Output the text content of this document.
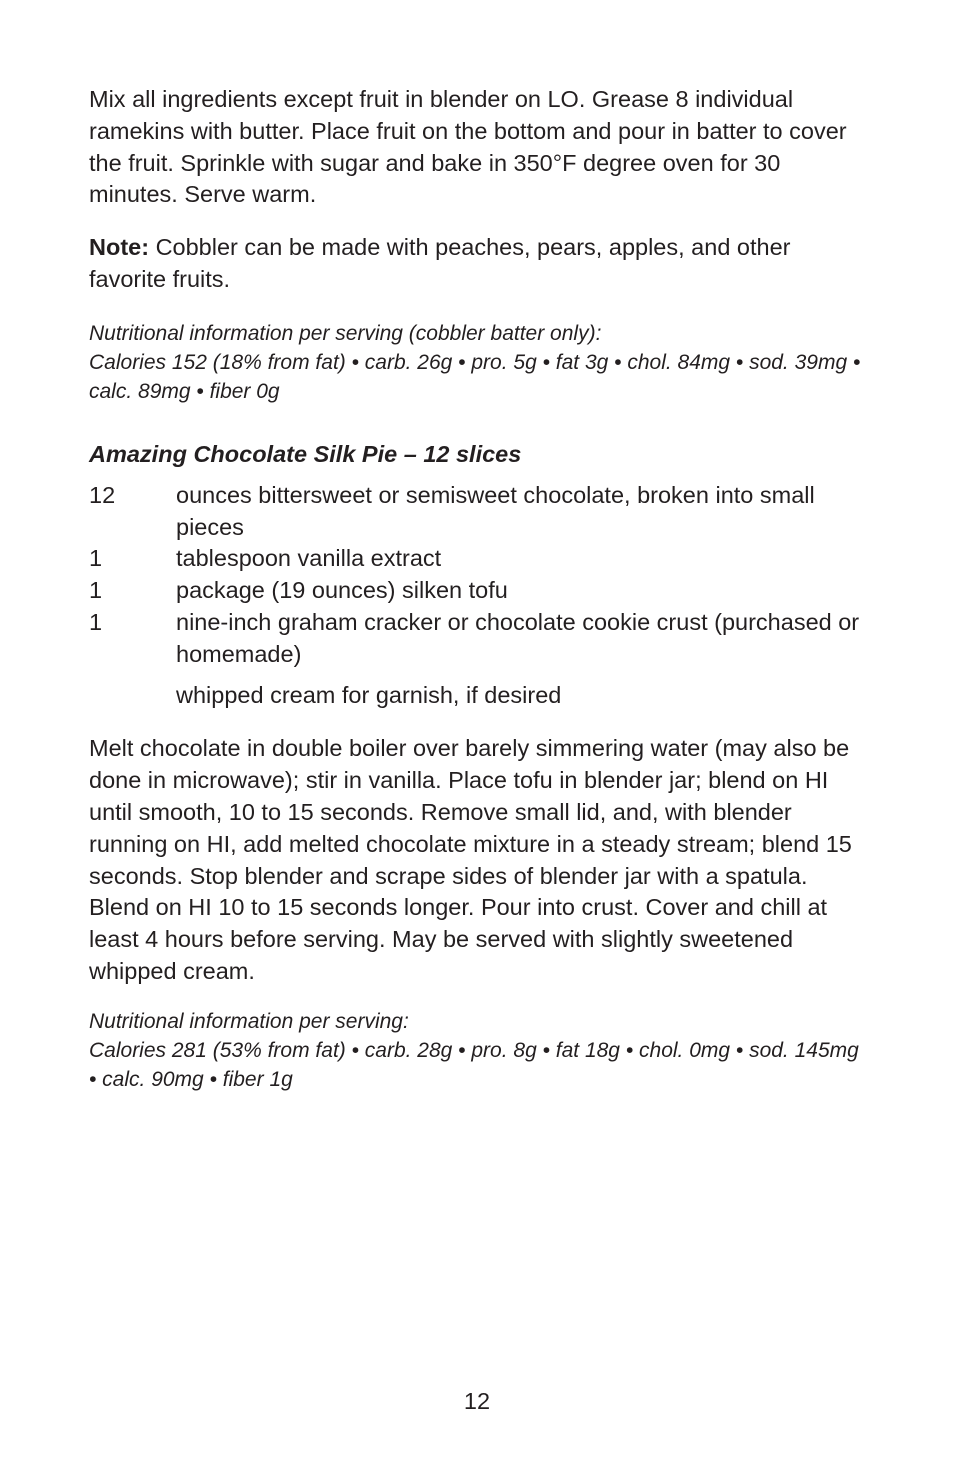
Mix all ingredients except fruit in blender on LO. Grease 8 individual ramekins with butter. Place fruit on the bottom and pour in batter to cover the fruit. Sprinkle with sugar and bake in 350°F degree oven for 30 minutes. Serve warm.

Note: Cobbler can be made with peaches, pears, apples, and other favorite fruits.

Nutritional information per serving (cobbler batter only):
Calories 152 (18% from fat) • carb. 26g • pro. 5g • fat 3g • chol. 84mg • sod. 39mg • calc. 89mg • fiber 0g

Amazing Chocolate Silk Pie – 12 slices
12	ounces bittersweet or semisweet chocolate, broken into small pieces
1	tablespoon vanilla extract
1	package (19 ounces) silken tofu
1	nine-inch graham cracker or chocolate cookie crust (purchased or homemade)
whipped cream for garnish, if desired

Melt chocolate in double boiler over barely simmering water (may also be done in microwave); stir in vanilla. Place tofu in blender jar; blend on HI until smooth, 10 to 15 seconds. Remove small lid, and, with blender running on HI, add melted chocolate mixture in a steady stream; blend 15 seconds. Stop blender and scrape sides of blender jar with a spatula. Blend on HI 10 to 15 seconds longer. Pour into crust. Cover and chill at least 4 hours before serving. May be served with slightly sweetened whipped cream.

Nutritional information per serving:
Calories 281 (53% from fat) • carb. 28g • pro. 8g • fat 18g • chol. 0mg • sod. 145mg • calc. 90mg • fiber 1g

12
